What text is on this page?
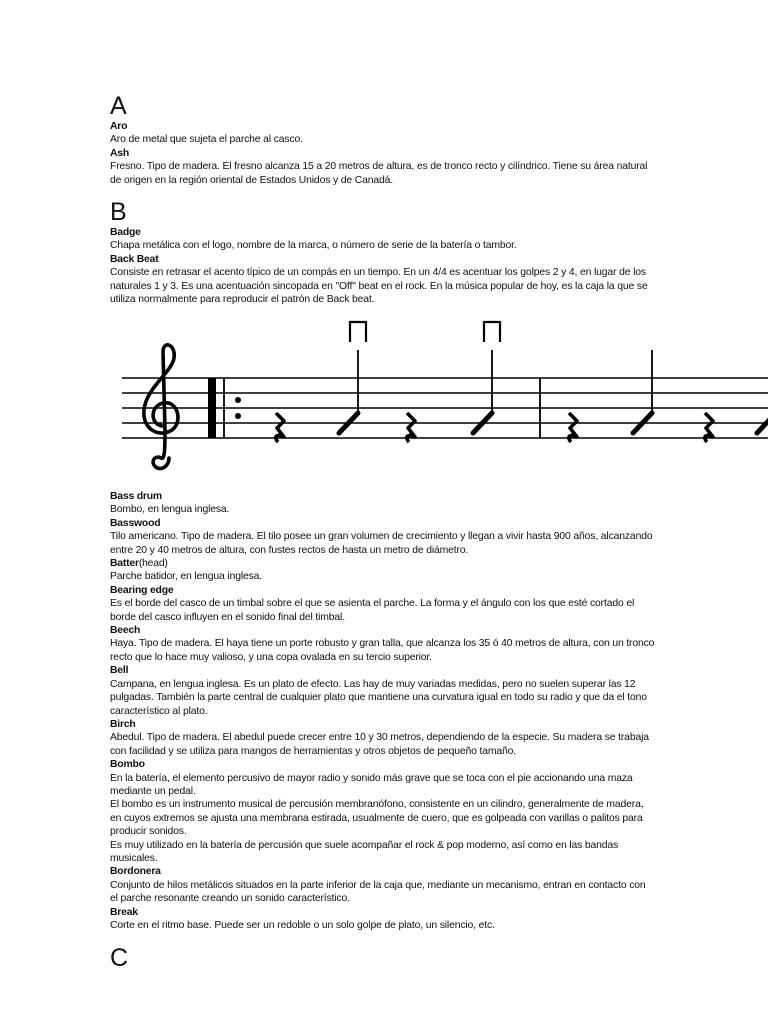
A

Aro

Aro de metal que sujeta el parche al casco.

Ash

Fresno. Tipo de madera. El fresno alcanza 15 a 20 metros de altura, es de tronco recto y cilíndrico. Tiene su área natural de origen en la región oriental de Estados Unidos y de Canadá.

B

Badge

Chapa metálica con el logo, nombre de la marca, o número de serie de la batería o tambor.

Back Beat

Consiste en retrasar el acento típico de un compás en un tiempo. En un 4/4 es acentuar los golpes 2 y 4, en lugar de los naturales 1 y 3. Es una acentuación sincopada en "Off" beat en el rock. En la música popular de hoy, es la caja la que se utiliza normalmente para reproducir el patrón de Back beat.

Bass drum

Bombo, en lengua inglesa.

Basswood

Tilo americano. Tipo de madera. El tilo posee un gran volumen de crecimiento y llegan a vivir hasta 900 años, alcanzando entre 20 y 40 metros de altura, con fustes rectos de hasta un metro de diámetro.

Batter(head)

Parche batidor, en lengua inglesa.

Bearing edge

Es el borde del casco de un timbal sobre el que se asienta el parche. La forma y el ángulo con los que esté cortado el borde del casco influyen en el sonido final del timbal.

Beech

Haya. Tipo de madera. El haya tiene un porte robusto y gran talla, que alcanza los 35 ó 40 metros de altura, con un tronco recto que lo hace muy valioso, y una copa ovalada en su tercio superior.

Bell

Campana, en lengua inglesa. Es un plato de efecto. Las hay de muy variadas medidas, pero no suelen superar las 12 pulgadas. También la parte central de cualquier plato que mantiene una curvatura igual en todo su radio y que da el tono característico al plato.

Birch

Abedul. Tipo de madera. El abedul puede crecer entre 10 y 30 metros, dependiendo de la especie. Su madera se trabaja con facilidad y se utiliza para mangos de herramientas y otros objetos de pequeño tamaño.

Bombo

En la batería, el elemento percusivo de mayor radio y sonido más grave que se toca con el pie accionando una maza mediante un pedal.

El bombo es un instrumento musical de percusión membranófono, consistente en un cilindro, generalmente de madera, en cuyos extremos se ajusta una membrana estirada, usualmente de cuero, que es golpeada con varillas o palitos para producir sonidos.

Es muy utilizado en la batería de percusión que suele acompañar el rock & pop moderno, así como en las bandas musicales.

Bordonera

Conjunto de hilos metálicos situados en la parte inferior de la caja que, mediante un mecanismo, entran en contacto con el parche resonante creando un sonido característico.

Break

Corte en el ritmo base. Puede ser un redoble o un solo golpe de plato, un silencio, etc.

C
